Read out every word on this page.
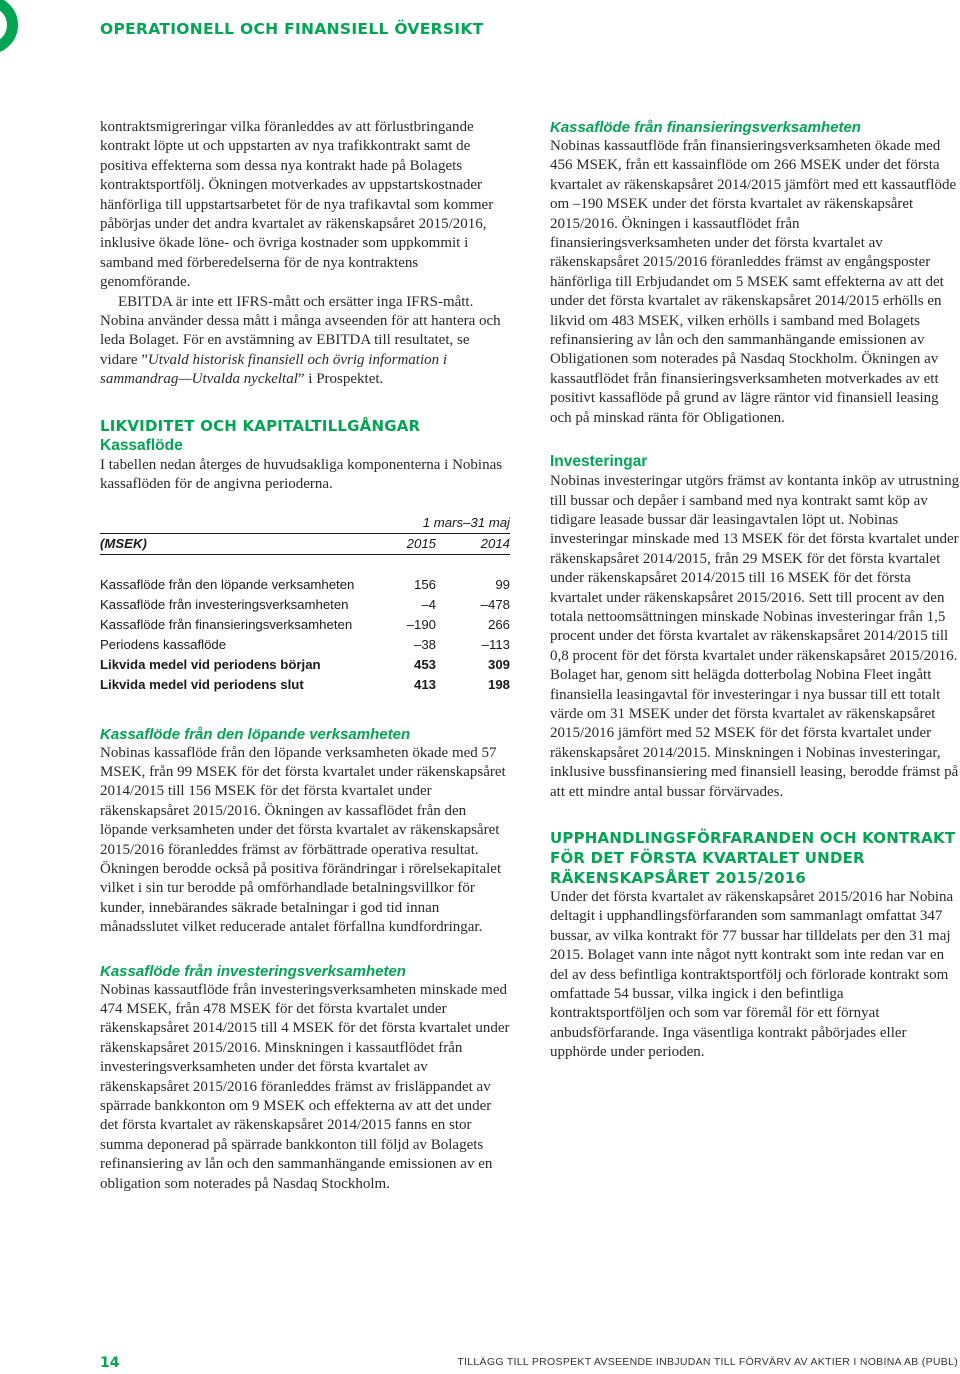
OPERATIONELL OCH FINANSIELL ÖVERSIKT

kontraktsmigreringar vilka föranleddes av att förlustbringande kontrakt löpte ut och uppstarten av nya trafikkontrakt samt de positiva effekterna som dessa nya kontrakt hade på Bolagets kontraktsportfölj. Ökningen motverkades av uppstartskostnader hänförliga till uppstartsarbetet för de nya trafikavtal som kommer påbörjas under det andra kvartalet av räkenskapsåret 2015/2016, inklusive ökade löne- och övriga kostnader som uppkommit i samband med förberedelserna för de nya kontraktens genomförande.

EBITDA är inte ett IFRS-mått och ersätter inga IFRS-mått. Nobina använder dessa mått i många avseenden för att hantera och leda Bolaget. För en avstämning av EBITDA till resultatet, se vidare ”Utvald historisk finansiell och övrig information i sammandrag—Utvalda nyckeltal” i Prospektet.

LIKVIDITET OCH KAPITALTILLGÅNGAR
Kassaflöde

I tabellen nedan återges de huvudsakliga komponenterna i Nobinas kassaflöden för de angivna perioderna.

	1 mars–31 maj	
(MSEK)	2015	2014

Kassaflöde från den löpande verksamheten	156	99
Kassaflöde från investeringsverksamheten	–4	–478
Kassaflöde från finansieringsverksamheten	–190	266
Periodens kassaflöde	–38	–113
Likvida medel vid periodens början	453	309
Likvida medel vid periodens slut	413	198
Kassaflöde från den löpande verksamheten

Nobinas kassaflöde från den löpande verksamheten ökade med 57 MSEK, från 99 MSEK för det första kvartalet under räkenskapsåret 2014/2015 till 156 MSEK för det första kvartalet under räkenskapsåret 2015/2016. Ökningen av kassaflödet från den löpande verksamheten under det första kvartalet av räkenskapsåret 2015/2016 föranleddes främst av förbättrade operativa resultat. Ökningen berodde också på positiva förändringar i rörelsekapitalet vilket i sin tur berodde på omförhandlade betalningsvillkor för kunder, innebärandes säkrade betalningar i god tid innan månadsslutet vilket reducerade antalet förfallna kundfordringar.

Kassaflöde från investeringsverksamheten

Nobinas kassautflöde från investeringsverksamheten minskade med 474 MSEK, från 478 MSEK för det första kvartalet under räkenskapsåret 2014/2015 till 4 MSEK för det första kvartalet under räkenskapsåret 2015/2016. Minskningen i kassautflödet från investeringsverksamheten under det första kvartalet av räkenskapsåret 2015/2016 föranleddes främst av frisläppandet av spärrade bankkonton om 9 MSEK och effekterna av att det under det första kvartalet av räkenskapsåret 2014/2015 fanns en stor summa deponerad på spärrade bankkonton till följd av Bolagets refinansiering av lån och den sammanhängande emissionen av en obligation som noterades på Nasdaq Stockholm.

Kassaflöde från finansieringsverksamheten

Nobinas kassautflöde från finansieringsverksamheten ökade med 456 MSEK, från ett kassainflöde om 266 MSEK under det första kvartalet av räkenskapsåret 2014/2015 jämfört med ett kassautflöde om –190 MSEK under det första kvartalet av räkenskapsåret 2015/2016. Ökningen i kassautflödet från finansieringsverksamheten under det första kvartalet av räkenskapsåret 2015/2016 föranleddes främst av engångsposter hänförliga till Erbjudandet om 5 MSEK samt effekterna av att det under det första kvartalet av räkenskapsåret 2014/2015 erhölls en likvid om 483 MSEK, vilken erhölls i samband med Bolagets refinansiering av lån och den sammanhängande emissionen av Obligationen som noterades på Nasdaq Stockholm. Ökningen av kassautflödet från finansieringsverksamheten motverkades av ett positivt kassaflöde på grund av lägre räntor vid finansiell leasing och på minskad ränta för Obligationen.

Investeringar

Nobinas investeringar utgörs främst av kontanta inköp av utrustning till bussar och depåer i samband med nya kontrakt samt köp av tidigare leasade bussar där leasingavtalen löpt ut. Nobinas investeringar minskade med 13 MSEK för det första kvartalet under räkenskapsåret 2014/2015, från 29 MSEK för det första kvartalet under räkenskapsåret 2014/2015 till 16 MSEK för det första kvartalet under räkenskapsåret 2015/2016. Sett till procent av den totala nettoomsättningen minskade Nobinas investeringar från 1,5 procent under det första kvartalet av räkenskapsåret 2014/2015 till 0,8 procent för det första kvartalet under räkenskapsåret 2015/2016. Bolaget har, genom sitt helägda dotterbolag Nobina Fleet ingått finansiella leasingavtal för investeringar i nya bussar till ett totalt värde om 31 MSEK under det första kvartalet av räkenskapsåret 2015/2016 jämfört med 52 MSEK för det första kvartalet under räkenskapsåret 2014/2015. Minskningen i Nobinas investeringar, inklusive bussfinansiering med finansiell leasing, berodde främst på att ett mindre antal bussar förvärvades.

UPPHANDLINGSFÖRFARANDEN OCH KONTRAKT FÖR DET FÖRSTA KVARTALET UNDER RÄKENSKAPSÅRET 2015/2016

Under det första kvartalet av räkenskapsåret 2015/2016 har Nobina deltagit i upphandlingsförfaranden som sammanlagt omfattat 347 bussar, av vilka kontrakt för 77 bussar har tilldelats per den 31 maj 2015. Bolaget vann inte något nytt kontrakt som inte redan var en del av dess befintliga kontraktsportfölj och förlorade kontrakt som omfattade 54 bussar, vilka ingick i den befintliga kontraktsportföljen och som var föremål för ett förnyat anbudsförfarande. Inga väsentliga kontrakt påbörjades eller upphörde under perioden.

14	TILLÄGG TILL PROSPEKT AVSEENDE INBJUDAN TILL FÖRVÄRV AV AKTIER I NOBINA AB (PUBL)
